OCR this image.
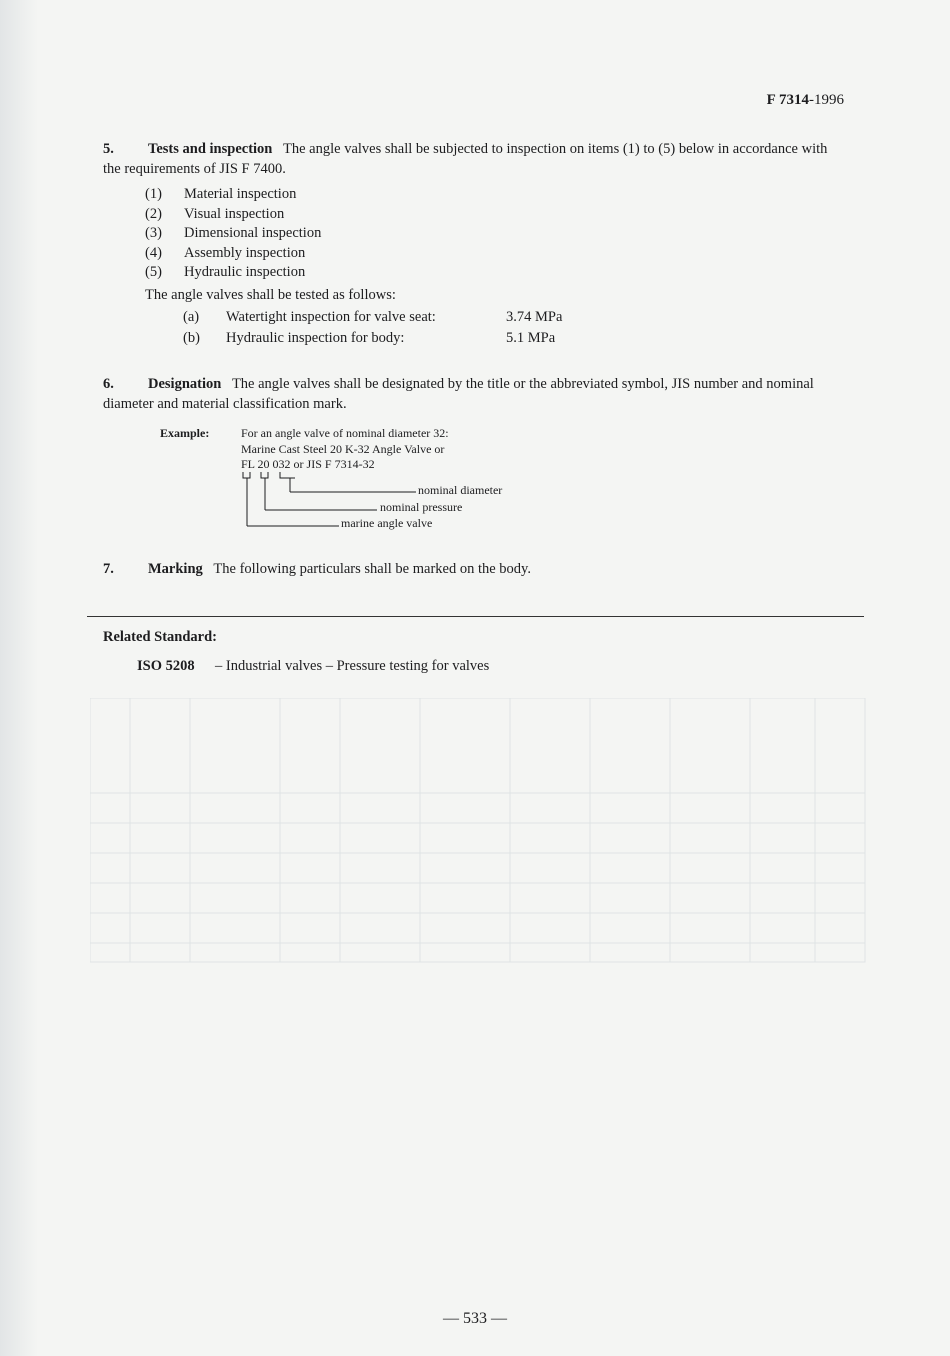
F 7314-1996
5. Tests and inspection The angle valves shall be subjected to inspection on items (1) to (5) below in accordance with the requirements of JIS F 7400.
(1) Material inspection
(2) Visual inspection
(3) Dimensional inspection
(4) Assembly inspection
(5) Hydraulic inspection
The angle valves shall be tested as follows:
(a) Watertight inspection for valve seat:	3.74 MPa
(b) Hydraulic inspection for body:	5.1 MPa
6. Designation The angle valves shall be designated by the title or the abbreviated symbol, JIS number and nominal diameter and material classification mark.
Example:	For an angle valve of nominal diameter 32:
Marine Cast Steel 20 K-32 Angle Valve or
FL 20 032 or JIS F 7314-32
nominal diameter
nominal pressure
marine angle valve
7. Marking The following particulars shall be marked on the body.
Related Standard:
ISO 5208 – Industrial valves – Pressure testing for valves
— 533 —
